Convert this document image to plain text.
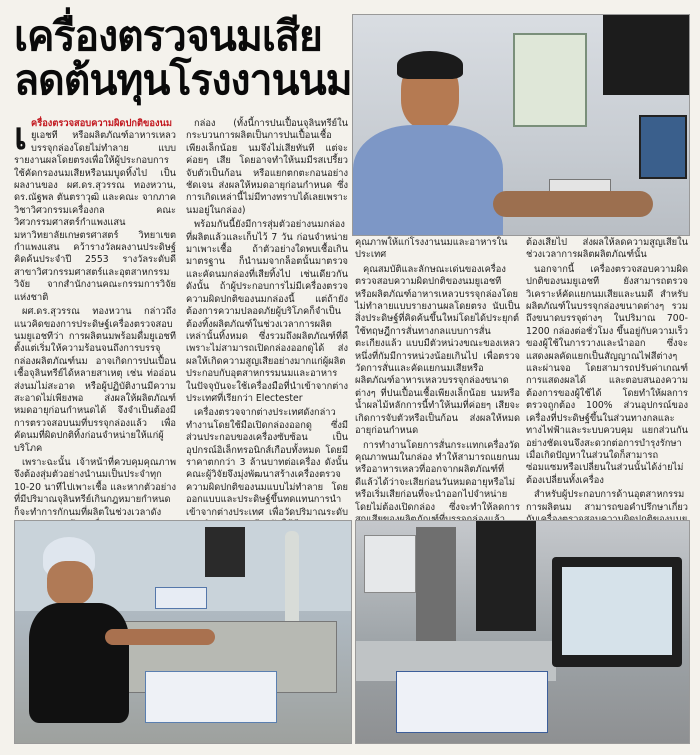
เครื่องตรวจนมเสีย
ลดต้นทุนโรงงานนม

เ ครื่องตรวจสอบความผิดปกติของนม ยูเอชที หรือผลิตภัณฑ์อาหารเหลวบรรจุกล่องโดยไม่ทำลาย แบบรายงานผลโดยตรงเพื่อให้ผู้ประกอบการใช้คัดกรองนมเสียหรือนมบูดทิ้งไป เป็นผลงานของ ผศ.ดร.สุวรรณ ทองหวาน, ดร.ณัฐพล ตันตราวุฒิ และคณะ จากภาควิชาวิศวกรรมเครื่องกล คณะวิศวกรรมศาสตร์กำแพงแสน มหาวิทยาลัยเกษตรศาสตร์ วิทยาเขตกำแพงแสน คว้ารางวัลผลงานประดิษฐ์คิดค้นประจำปี 2553 รางวัลระดับดี สาขาวิศวกรรมศาสตร์และอุตสาหกรรมวิจัย จากสำนักงานคณะกรรมการวิจัยแห่งชาติ

ผศ.ดร.สุวรรณ ทองหวาน กล่าวถึงแนวคิดของการประดิษฐ์เครื่องตรวจสอบนมยูเอชทีว่า การผลิตนมพร้อมดื่มยูเอชที ตั้งแต่เริ่มให้ความร้อนจนถึงการบรรจุกล่องผลิตภัณฑ์นม อาจเกิดการปนเปื้อนเชื้อจุลินทรีย์ได้หลายสาเหตุ เช่น ท่ออ่อนส่งนมไม่สะอาด หรือผู้ปฏิบัติงานมีความสะอาดไม่เพียงพอ ส่งผลให้ผลิตภัณฑ์หมดอายุก่อนกำหนดได้ จึงจำเป็นต้องมีการตรวจสอบนมที่บรรจุกล่องแล้ว เพื่อคัดนมที่ผิดปกติทิ้งก่อนจำหน่ายให้แก่ผู้บริโภค

เพราะฉะนั้น เจ้าหน้าที่ควบคุมคุณภาพจึงต้องสุ่มตัวอย่างนำนมเป็นประจำทุก 10-20 นาทีไปเพาะเชื้อ และหากตัวอย่างที่มีปริมาณจุลินทรีย์เกินกฎหมายกำหนด ก็จะทำการกักนมที่ผลิตในช่วงเวลาดัง

กล่อง (ทั้งนี้การปนเปื้อนจุลินทรีย์ในกระบวนการผลิตเป็นการปนเปื้อนเชื้อเพียงเล็กน้อย นมจึงไม่เสียทันที แต่จะค่อยๆ เสีย โดยอาจทำให้นมมีรสเปรี้ยว จับตัวเป็นก้อน หรือแยกตกตะกอนอย่างชัดเจน ส่งผลให้หมดอายุก่อนกำหนด ซึ่งการเกิดเหล่านี้ไม่มีทางทราบได้เลยเพราะนมอยู่ในกล่อง)

พร้อมกันนี้ยังมีการสุ่มตัวอย่างนมกล่องที่ผลิตแล้วและเก็บไว้ 7 วัน ก่อนจำหน่ายมาเพาะเชื้อ ถ้าตัวอย่างใดพบเชื้อเกินมาตรฐาน ก็นำนมจากล็อตนั้นมาตรวจและคัดนมกล่องที่เสียทิ้งไป เช่นเดียวกัน ดังนั้น ถ้าผู้ประกอบการไม่มีเครื่องตรวจความผิดปกติของนมกล่องนี้ แต่ถ้ายังต้องการความปลอดภัยผู้บริโภคก็จำเป็นต้องทิ้งผลิตภัณฑ์ในช่วงเวลาการผลิตเหล่านั้นทิ้งหมด ซึ่งรวมถึงผลิตภัณฑ์ที่ดี เพราะไม่สามารถเปิดกล่องออกดูได้ ส่งผลให้เกิดความสูญเสียอย่างมากแก่ผู้ผลิต ประกอบกับอุตสาหกรรมนมและอาหารในปัจจุบันจะใช้เครื่องมือที่นำเข้าจากต่างประเทศที่เรียกว่า Electester

เครื่องตรวจจากต่างประเทศดังกล่าวทำงานโดยใช้มือเปิดกล่องออกดู ซึ่งมีส่วนประกอบของเครื่องซับซ้อน เป็นอุปกรณ์อิเล็กทรอนิกส์เกือบทั้งหมด โดยมีราคาตกกว่า 3 ล้านบาทต่อเครื่อง ดังนั้น คณะผู้วิจัยจึงมุ่งพัฒนาสร้างเครื่องตรวจความผิดปกติของนมแบบไม่ทำลาย โดยออกแบบและประดิษฐ์ขึ้นทดแทนการนำเข้าจากต่างประเทศ เพื่อวัดปริมาณระดับ

คุณภาพให้แก่โรงงานนมและอาหารในประเทศ

คุณสมบัติและลักษณะเด่นของเครื่องตรวจสอบความผิดปกติของนมยูเอชที หรือผลิตภัณฑ์อาหารเหลวบรรจุกล่องโดยไม่ทำลายแบบรายงานผลโดยตรง นับเป็นสิ่งประดิษฐ์ที่คิดค้นขึ้นใหม่โดยได้ประยุกต์ใช้ทฤษฎีการสั่นทางกลแบบการสั่นตะเกียงแล้ว แบบมีตัวหน่วงขณะของเหลวหนึ่งที่กัมมีการหน่วงน้อยเกินไป เพื่อตรวจวัดการสั่นและคัดแยกนมเสียหรือผลิตภัณฑ์อาหารเหลวบรรจุกล่องขนาดต่างๆ ที่ปนเปื้อนเชื้อเพียงเล็กน้อย นมหรือน้ำผลไม้หลักการนี้ทำให้นมที่ค่อยๆ เสียจะเกิดการจับตัวหรือเป็นก้อน ส่งผลให้หมดอายุก่อนกำหนด

การทำงานโดยการสั่นกระแทกเครื่องวัดคุณภาพนมในกล่อง ทำให้สามารถแยกนมหรืออาหารเหลวที่ออกจากผลิตภัณฑ์ที่ดีแล้วได้ว่าจะเสียก่อนวันหมดอายุหรือไม่ หรือเริ่มเสียก่อนที่จะนำออกไปจำหน่ายโดยไม่ต้องเปิดกล่อง ซึ่งจะทำให้ลดการ

ต้องเสียไป ส่งผลให้ลดความสูญเสียในช่วงเวลาการผลิตผลิตภัณฑ์นั้น

นอกจากนี้ เครื่องตรวจสอบความผิดปกติของนมยูเอชที ยังสามารถตรวจวิเคราะห์คัดแยกนมเสียและนมดี สำหรับผลิตภัณฑ์ในบรรจุกล่องขนาดต่างๆ รวมถึงขนาดบรรจุต่างๆ ในปริมาณ 700-1200 กล่องต่อชั่วโมง ขึ้นอยู่กับความเร็วของผู้ใช้ในการวางและนำออก ซึ่งจะแสดงผลคัดแยกเป็นสัญญาณไฟสีต่างๆ และผ่านจอ โดยสามารถปรับค่าเกณฑ์การแสดงผลได้ และตอบสนองความต้องการของผู้ใช้ได้ โดยทำให้ผลการตรวจถูกต้อง 100% ส่วนอุปกรณ์ของเครื่องที่ประดิษฐ์ขึ้นในส่วนทางกลและทางไฟฟ้าและระบบควบคุม แยกส่วนกันอย่างชัดเจนจึงสะดวกต่อการบำรุงรักษา เมื่อเกิดปัญหาในส่วนใดก็สามารถซ่อมแซมหรือเปลี่ยนในส่วนนั้นได้ง่ายไม่ต้องเปลี่ยนทั้งเครื่อง

สำหรับผู้ประกอบการด้านอุตสาหกรรมการผลิตนม สามารถขอคำปรึกษาเกี่ยว
